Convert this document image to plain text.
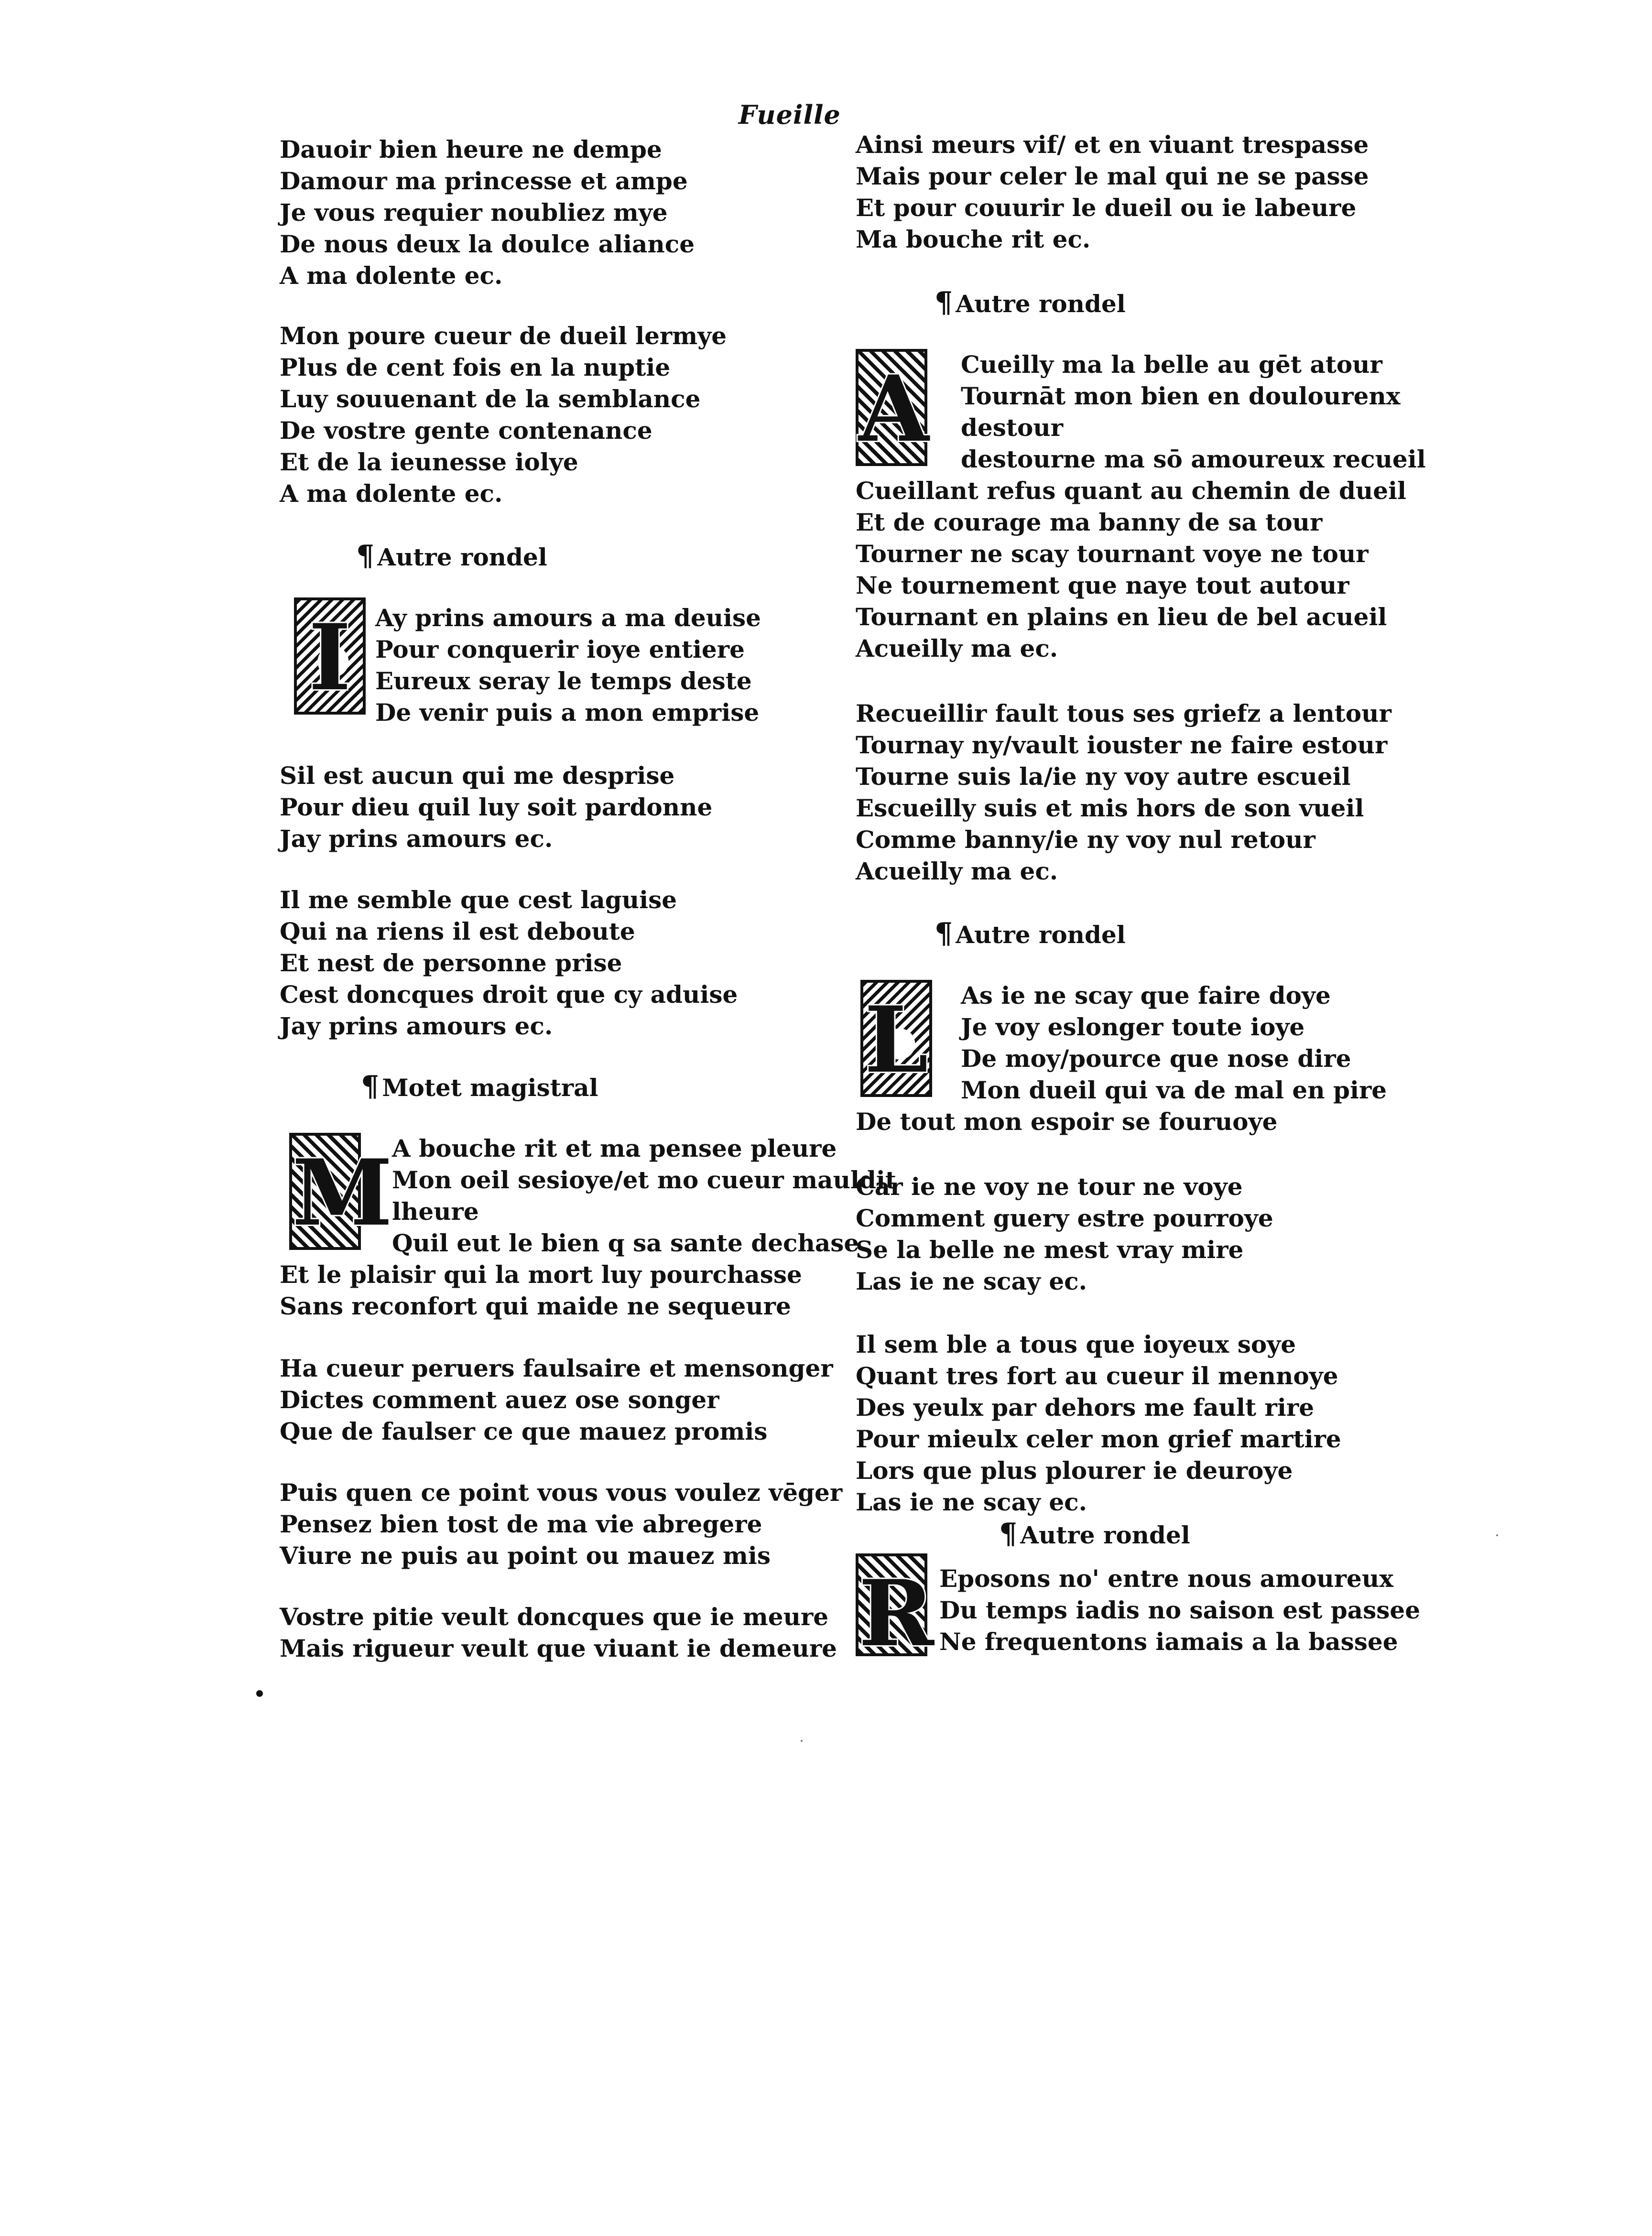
Fueille
Dauoir bien heure ne dempe
Damour ma princesse et ampe
Je vous requier noubliez mye
De nous deux la doulce aliance
A ma dolente ec.
Mon poure cueur de dueil lermye
Plus de cent fois en la nuptie
Luy souuenant de la semblance
De vostre gente contenance
Et de la ieunesse iolye
A ma dolente ec.
¶ Autre rondel
I	Ay prins amours a ma deuise
Pour conquerir ioye entiere
Eureux seray le temps deste
De venir puis a mon emprise
Sil est aucun qui me desprise
Pour dieu quil luy soit pardonne
Jay prins amours ec.
Il me semble que cest laguise
Qui na riens il est deboute
Et nest de personne prise
Cest doncques droit que cy aduise
Jay prins amours ec.
¶ Motet magistral
M
A bouche rit et ma pensee pleure
Mon oeil sesioye/et mo cueur mauldit
lheure
Quil eut le bien q sa sante dechase
Et le plaisir qui la mort luy pourchasse
Sans reconfort qui maide ne sequeure
Ha cueur peruers faulsaire et mensonger
Dictes comment auez ose songer
Que de faulser ce que mauez promis
Puis quen ce point vous vous voulez vēger
Pensez bien tost de ma vie abregere
Viure ne puis au point ou mauez mis
Vostre pitie veult doncques que ie meure
Mais rigueur veult que viuant ie demeure
Ainsi meurs vif/ et en viuant trespasse
Mais pour celer le mal qui ne se passe
Et pour couurir le dueil ou ie labeure
Ma bouche rit ec.
¶ Autre rondel
A Cueilly ma la belle au gēt atour
Tournāt mon bien en doulourenx
destour
destourne ma sō amoureux recueil
Cueillant refus quant au chemin de dueil
Et de courage ma banny de sa tour
Tourner ne scay tournant voye ne tour
Ne tournement que naye tout autour
Tournant en plains en lieu de bel acueil
Acueilly ma ec.
Recueillir fault tous ses griefz a lentour
Tournay ny/vault iouster ne faire estour
Tourne suis la/ie ny voy autre escueil
Escueilly suis et mis hors de son vueil
Comme banny/ie ny voy nul retour
Acueilly ma ec.
¶ Autre rondel
L As ie ne scay que faire doye
Je voy eslonger toute ioye
De moy/pource que nose dire
Mon dueil qui va de mal en pire
De tout mon espoir se fouruoye
Car ie ne voy ne tour ne voye
Comment guery estre pourroye
Se la belle ne mest vray mire
Las ie ne scay ec.
Il sem ble a tous que ioyeux soye
Quant tres fort au cueur il mennoye
Des yeulx par dehors me fault rire
Pour mieulx celer mon grief martire
Lors que plus plourer ie deuroye
Las ie ne scay ec.
¶ Autre rondel
R Eposons no' entre nous amoureux
Du temps iadis no saison est passee
Ne frequentons iamais a la bassee
